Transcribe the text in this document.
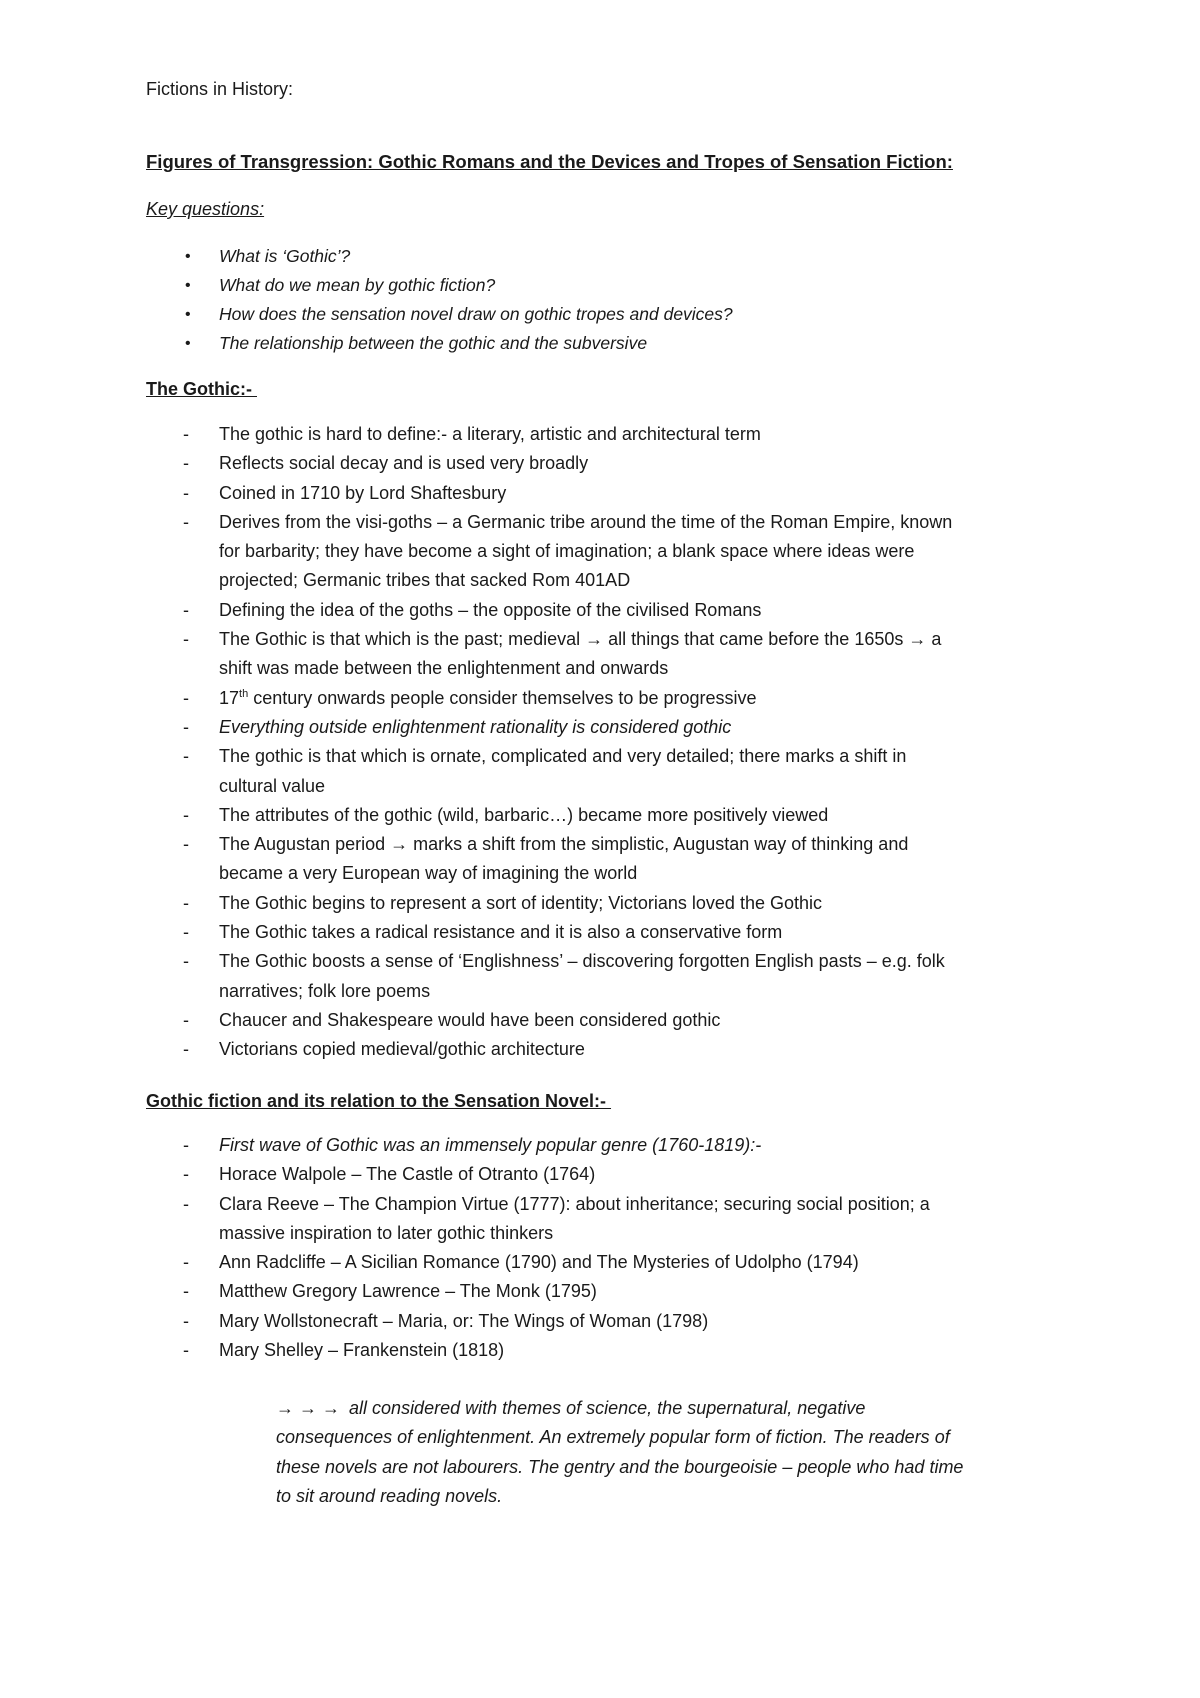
Fictions in History:

Figures of Transgression: Gothic Romans and the Devices and Tropes of Sensation Fiction:

Key questions:

• What is ‘Gothic’?
• What do we mean by gothic fiction?
• How does the sensation novel draw on gothic tropes and devices?
• The relationship between the gothic and the subversive
The Gothic:-
- The gothic is hard to define:- a literary, artistic and architectural term
- Reflects social decay and is used very broadly
- Coined in 1710 by Lord Shaftesbury
- Derives from the visi-goths – a Germanic tribe around the time of the Roman Empire, known
for barbarity; they have become a sight of imagination; a blank space where ideas were
projected; Germanic tribes that sacked Rom 401AD
- Defining the idea of the goths – the opposite of the civilised Romans
- The Gothic is that which is the past; medieval → all things that came before the 1650s → a
shift was made between the enlightenment and onwards
- 17th century onwards people consider themselves to be progressive
- Everything outside enlightenment rationality is considered gothic
- The gothic is that which is ornate, complicated and very detailed; there marks a shift in
cultural value
- The attributes of the gothic (wild, barbaric…) became more positively viewed
- The Augustan period → marks a shift from the simplistic, Augustan way of thinking and
became a very European way of imagining the world
- The Gothic begins to represent a sort of identity; Victorians loved the Gothic
- The Gothic takes a radical resistance and it is also a conservative form
- The Gothic boosts a sense of ‘Englishness’ – discovering forgotten English pasts – e.g. folk
narratives; folk lore poems
- Chaucer and Shakespeare would have been considered gothic
- Victorians copied medieval/gothic architecture
Gothic fiction and its relation to the Sensation Novel:-
- First wave of Gothic was an immensely popular genre (1760-1819):-
- Horace Walpole – The Castle of Otranto (1764)
- Clara Reeve – The Champion Virtue (1777): about inheritance; securing social position; a
massive inspiration to later gothic thinkers
- Ann Radcliffe – A Sicilian Romance (1790) and The Mysteries of Udolpho (1794)
- Matthew Gregory Lawrence – The Monk (1795)
- Mary Wollstonecraft – Maria, or: The Wings of Woman (1798)
- Mary Shelley – Frankenstein (1818)
→ → → all considered with themes of science, the supernatural, negative
consequences of enlightenment. An extremely popular form of fiction. The readers of
these novels are not labourers. The gentry and the bourgeoisie – people who had time
to sit around reading novels.
